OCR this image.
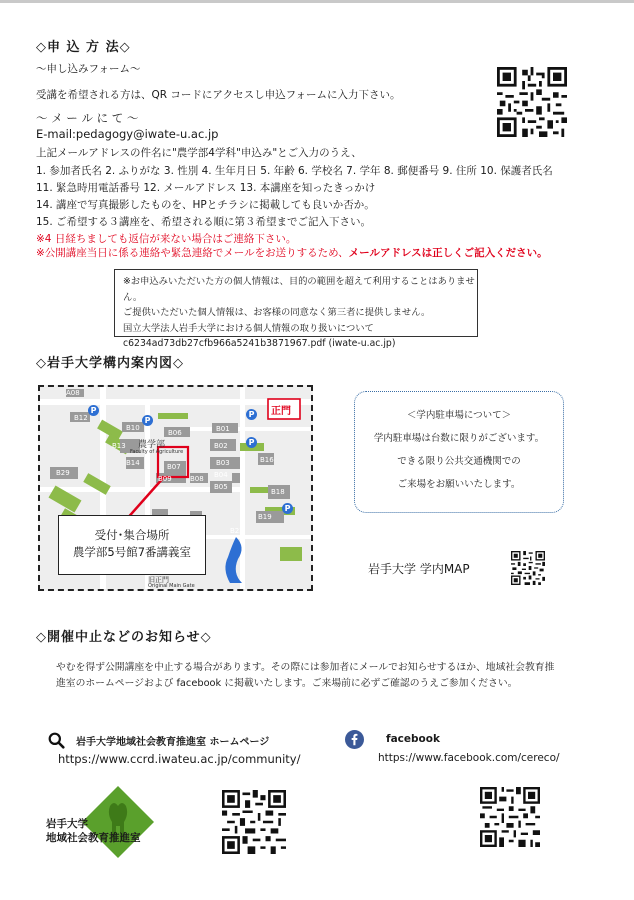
◇申 込 方 法◇
〜申し込みフォーム〜
受講を希望される方は、QR コードにアクセスし申込フォームに入力下さい。
〜 メ ー ル に て 〜
E-mail:pedagogy@iwate-u.ac.jp
上記メールアドレスの件名に"農学部4学科"申込み"とご入力のうえ、
1. 参加者氏名 2. ふりがな 3. 性別 4. 生年月日 5. 年齢 6. 学校名 7. 学年 8. 郵便番号 9. 住所 10. 保護者氏名
11. 緊急時用電話番号 12. メールアドレス 13. 本講座を知ったきっかけ
14. 講座で写真撮影したものを、HPとチラシに掲載しても良いか否か。
15. ご希望する３講座を、希望される順に第３希望までご記入下さい。
※4 日経ちましても返信が来ない場合はご連絡下さい。
※公開講座当日に係る連絡や緊急連絡でメールをお送りするため、メールアドレスは正しくご記入ください。
※お申込みいただいた方の個人情報は、目的の範囲を超えて利用することはありません。
ご提供いただいた個人情報は、お客様の同意なく第三者に提供しません。
国立大学法人岩手大学における個人情報の取り扱いについて
c6234ad73db27cfb966a5241b3871967.pdf (iwate-u.ac.jp)
◇岩手大学構内案内図◇
A08
B12
B10
B06	B01
B13
B14
B02
B16
B07	B03
B09	B08
B05
B04
B18
B29
B19
B22
農学部
Faculty of Agriculture
旧正門
Original Main Gate
正門
P
P
P
P
P
受付･集合場所
農学部5号館7番講義室
＜学内駐車場について＞
学内駐車場は台数に限りがございます。
できる限り公共交通機関での
ご来場をお願いいたします。
岩手大学 学内MAP
◇開催中止などのお知らせ◇
やむを得ず公開講座を中止する場合があります。その際には参加者にメールでお知らせするほか、地域社会教育推進室のホームページおよび facebook に掲載いたします。ご来場前に必ずご確認のうえご参加ください。
岩手大学地域社会教育推進室 ホームページ
https://www.ccrd.iwateu.ac.jp/community/
facebook
https://www.facebook.com/cereco/
岩手大学
地域社会教育推進室
